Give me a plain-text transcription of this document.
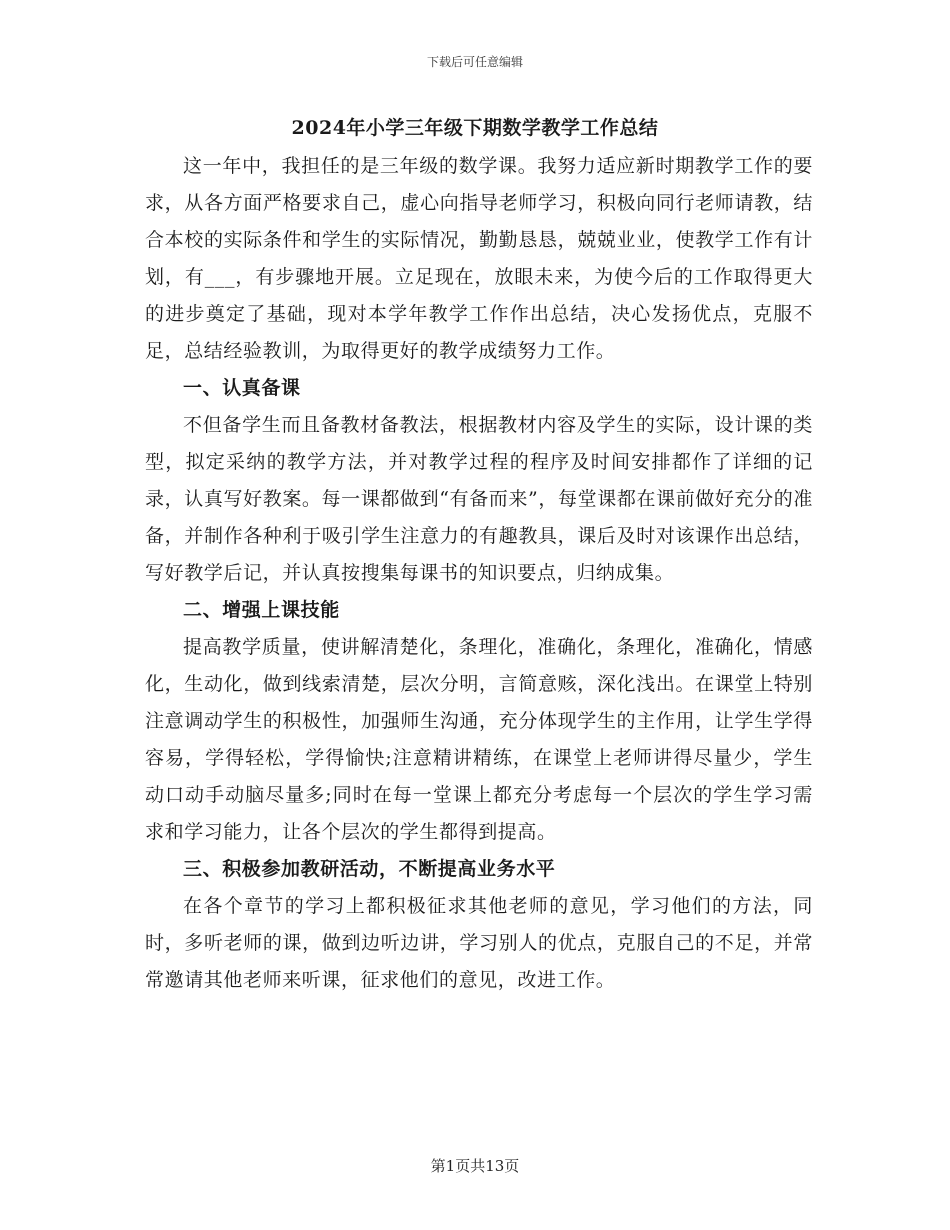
下载后可任意编辑
2024年小学三年级下期数学教学工作总结

这一年中，我担任的是三年级的数学课。我努力适应新时期教学工作的要求，从各方面严格要求自己，虚心向指导老师学习，积极向同行老师请教，结合本校的实际条件和学生的实际情况，勤勤恳恳，兢兢业业，使教学工作有计划，有___，有步骤地开展。立足现在，放眼未来，为使今后的工作取得更大的进步奠定了基础，现对本学年教学工作作出总结，决心发扬优点，克服不足，总结经验教训，为取得更好的教学成绩努力工作。

一、认真备课

不但备学生而且备教材备教法，根据教材内容及学生的实际，设计课的类型，拟定采纳的教学方法，并对教学过程的程序及时间安排都作了详细的记录，认真写好教案。每一课都做到“有备而来”，每堂课都在课前做好充分的准备，并制作各种利于吸引学生注意力的有趣教具，课后及时对该课作出总结，写好教学后记，并认真按搜集每课书的知识要点，归纳成集。

二、增强上课技能

提高教学质量，使讲解清楚化，条理化，准确化，条理化，准确化，情感化，生动化，做到线索清楚，层次分明，言简意赅，深化浅出。在课堂上特别注意调动学生的积极性，加强师生沟通，充分体现学生的主作用，让学生学得容易，学得轻松，学得愉快;注意精讲精练，在课堂上老师讲得尽量少，学生动口动手动脑尽量多;同时在每一堂课上都充分考虑每一个层次的学生学习需求和学习能力，让各个层次的学生都得到提高。

三、积极参加教研活动，不断提高业务水平

在各个章节的学习上都积极征求其他老师的意见，学习他们的方法，同时，多听老师的课，做到边听边讲，学习别人的优点，克服自己的不足，并常常邀请其他老师来听课，征求他们的意见，改进工作。

第1页共13页
